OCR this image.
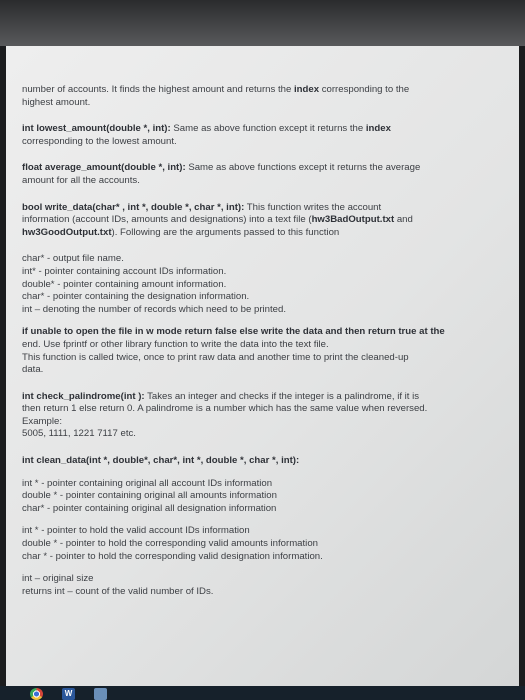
number of accounts. It finds the highest amount and returns the index corresponding to the
highest amount.
int lowest_amount(double *, int): Same as above function except it returns the index
corresponding to the lowest amount.
float average_amount(double *, int): Same as above functions except it returns the average
amount for all the accounts.
bool write_data(char* , int *, double *, char *, int): This function writes the account
information (account IDs, amounts and designations) into a text file (hw3BadOutput.txt and
hw3GoodOutput.txt). Following are the arguments passed to this function
char* - output file name.
int* - pointer containing account IDs information.
double* - pointer containing amount information.
char* - pointer containing the designation information.
int – denoting the number of records which need to be printed.
if unable to open the file in w mode return false else write the data and then return true at the
end. Use fprintf or other library function to write the data into the text file.
This function is called twice, once to print raw data and another time to print the cleaned-up
data.
int check_palindrome(int ): Takes an integer and checks if the integer is a palindrome, if it is
then return 1 else return 0. A palindrome is a number which has the same value when reversed.
Example:
5005, 1111, 1221 7117 etc.
int clean_data(int *, double*, char*, int *, double *, char *, int):
int * - pointer containing original all account IDs information
double * - pointer containing original all amounts information
char* - pointer containing original all designation information
int * - pointer to hold the valid account IDs information
double * - pointer to hold the corresponding valid amounts information
char * - pointer to hold the corresponding valid designation information.
int – original size
returns int – count of the valid number of IDs.
W
